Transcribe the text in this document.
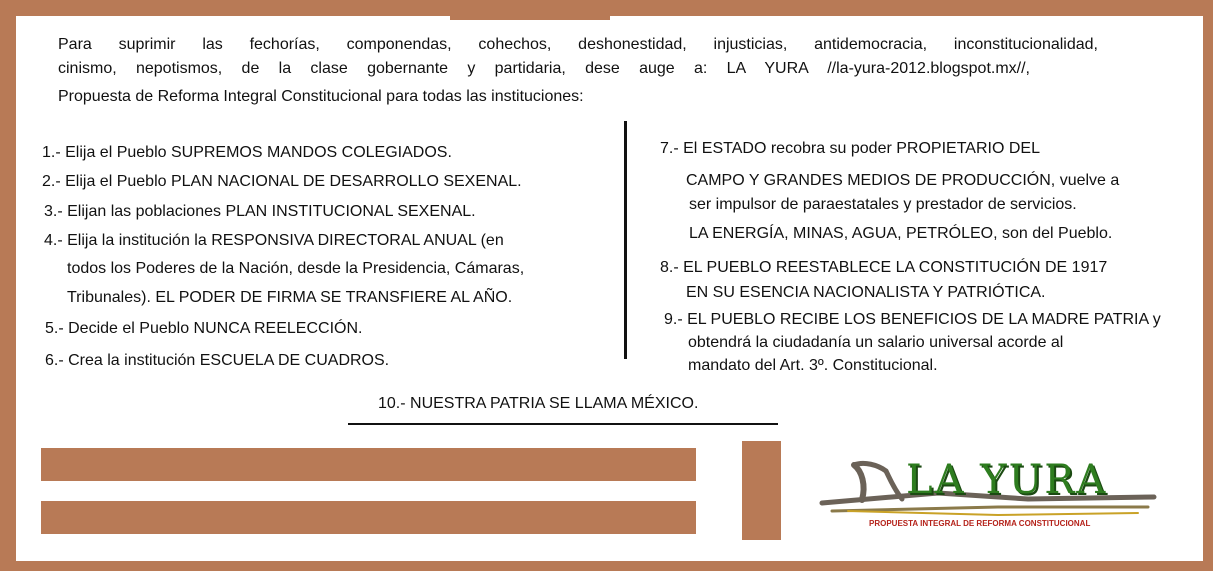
Para suprimir las fechorías, componendas, cohechos, deshonestidad, injusticias, antidemocracia, inconstitucionalidad,

cinismo, nepotismos, de la clase gobernante y partidaria, dese auge a: LA YURA //la-yura-2012.blogspot.mx//,

Propuesta de Reforma Integral Constitucional para todas las instituciones:

1.- Elija el Pueblo SUPREMOS MANDOS COLEGIADOS.
2.- Elija el Pueblo PLAN NACIONAL DE DESARROLLO SEXENAL.
3.- Elijan las poblaciones PLAN INSTITUCIONAL SEXENAL.
4.- Elija la institución la RESPONSIVA DIRECTORAL ANUAL (en
todos los Poderes de la Nación, desde la Presidencia, Cámaras,
Tribunales). EL PODER DE FIRMA SE TRANSFIERE AL AÑO.
5.- Decide el Pueblo NUNCA REELECCIÓN.
6.- Crea la institución ESCUELA DE CUADROS.
7.- El ESTADO recobra su poder PROPIETARIO DEL
CAMPO Y GRANDES MEDIOS DE PRODUCCIÓN, vuelve a
ser impulsor de paraestatales y prestador de servicios.
LA ENERGÍA, MINAS, AGUA, PETRÓLEO, son del Pueblo.
8.- EL PUEBLO REESTABLECE LA CONSTITUCIÓN DE 1917
EN SU ESENCIA NACIONALISTA Y PATRIÓTICA.
9.- EL PUEBLO RECIBE LOS BENEFICIOS DE LA MADRE PATRIA y
obtendrá la ciudadanía un salario universal acorde al
mandato del Art. 3º. Constitucional.
10.- NUESTRA PATRIA SE LLAMA MÉXICO.
LA YURA
PROPUESTA INTEGRAL DE REFORMA CONSTITUCIONAL
